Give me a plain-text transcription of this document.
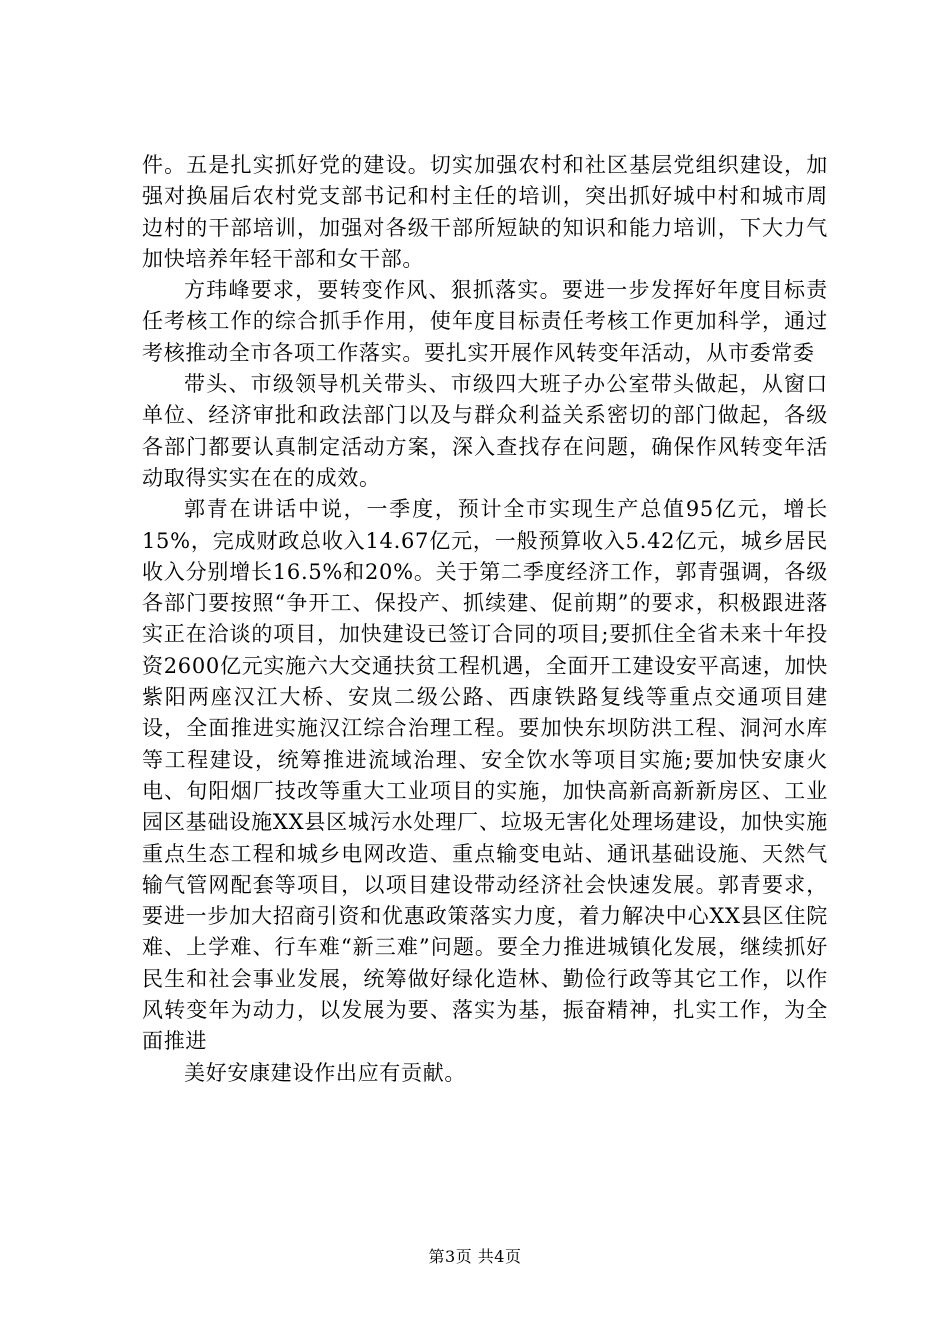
件。五是扎实抓好党的建设。切实加强农村和社区基层党组织建设，加强对换届后农村党支部书记和村主任的培训，突出抓好城中村和城市周边村的干部培训，加强对各级干部所短缺的知识和能力培训，下大力气加快培养年轻干部和女干部。

方玮峰要求，要转变作风、狠抓落实。要进一步发挥好年度目标责任考核工作的综合抓手作用，使年度目标责任考核工作更加科学，通过考核推动全市各项工作落实。要扎实开展作风转变年活动，从市委常委

带头、市级领导机关带头、市级四大班子办公室带头做起，从窗口单位、经济审批和政法部门以及与群众利益关系密切的部门做起，各级各部门都要认真制定活动方案，深入查找存在问题，确保作风转变年活动取得实实在在的成效。

郭青在讲话中说，一季度，预计全市实现生产总值95亿元，增长15%，完成财政总收入14.67亿元，一般预算收入5.42亿元，城乡居民收入分别增长16.5%和20%。关于第二季度经济工作，郭青强调，各级各部门要按照“争开工、保投产、抓续建、促前期”的要求，积极跟进落实正在洽谈的项目，加快建设已签订合同的项目;要抓住全省未来十年投资2600亿元实施六大交通扶贫工程机遇，全面开工建设安平高速，加快紫阳两座汉江大桥、安岚二级公路、西康铁路复线等重点交通项目建设，全面推进实施汉江综合治理工程。要加快东坝防洪工程、洞河水库等工程建设，统筹推进流域治理、安全饮水等项目实施;要加快安康火电、旬阳烟厂技改等重大工业项目的实施，加快高新高新新房区、工业园区基础设施XX县区城污水处理厂、垃圾无害化处理场建设，加快实施重点生态工程和城乡电网改造、重点输变电站、通讯基础设施、天然气输气管网配套等项目，以项目建设带动经济社会快速发展。郭青要求，要进一步加大招商引资和优惠政策落实力度，着力解决中心XX县区住院难、上学难、行车难“新三难”问题。要全力推进城镇化发展，继续抓好民生和社会事业发展，统筹做好绿化造林、勤俭行政等其它工作，以作风转变年为动力，以发展为要、落实为基，振奋精神，扎实工作，为全面推进

美好安康建设作出应有贡献。

第3页 共4页
